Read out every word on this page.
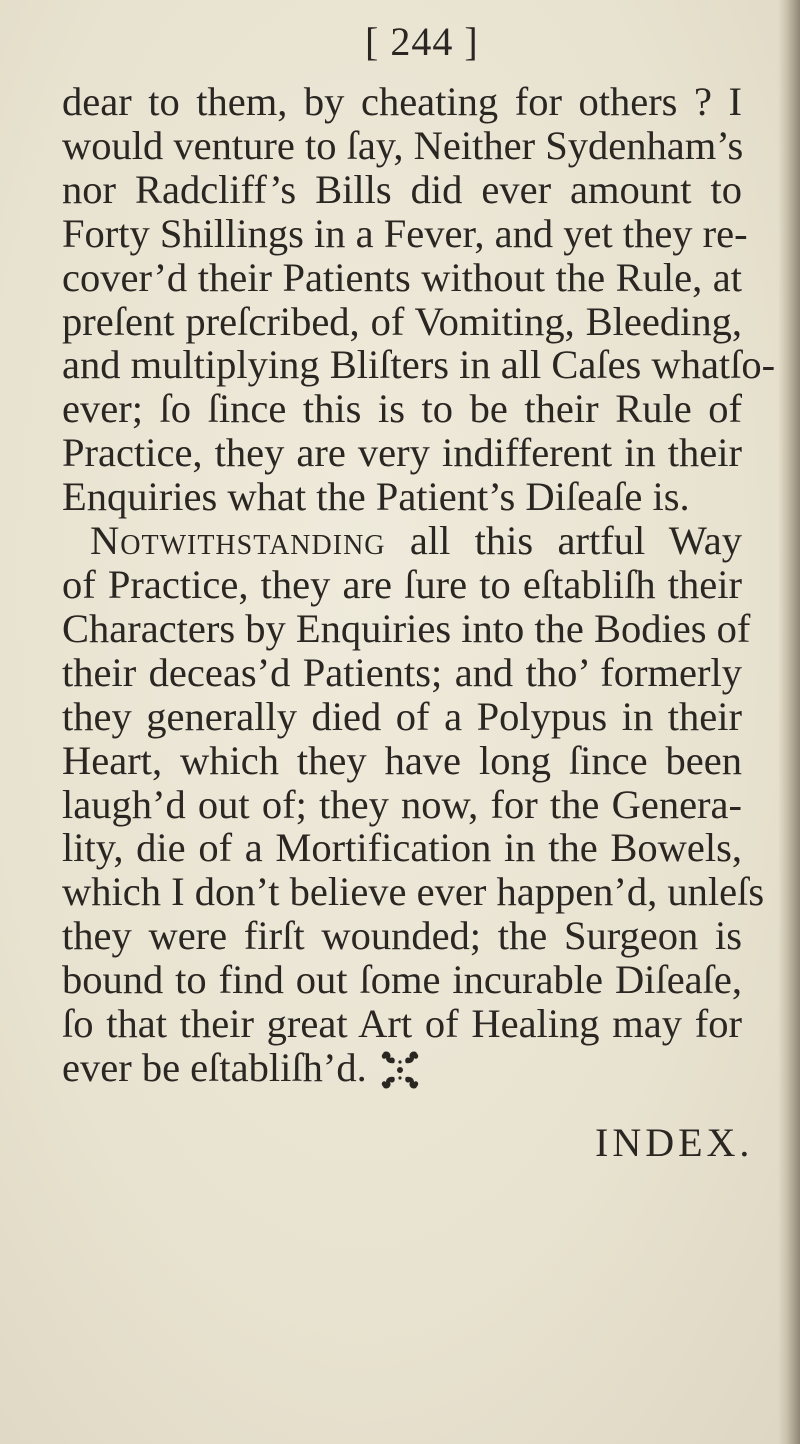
[ 244 ]
dear to them, by cheating for others ? I
would venture to ſay, Neither Sydenham’s
nor Radcliff’s Bills did ever amount to
Forty Shillings in a Fever, and yet they re-
cover’d their Patients without the Rule, at
preſent preſcribed, of Vomiting, Bleeding,
and multiplying Bliſters in all Caſes whatſo-
ever; ſo ſince this is to be their Rule of
Practice, they are very indifferent in their
Enquiries what the Patient’s Diſeaſe is.
Notwithstanding all this artful Way
of Practice, they are ſure to eſtabliſh their
Characters by Enquiries into the Bodies of
their deceas’d Patients; and tho’ formerly
they generally died of a Polypus in their
Heart, which they have long ſince been
laugh’d out of; they now, for the Genera-
lity, die of a Mortification in the Bowels,
which I don’t believe ever happen’d, unleſs
they were firſt wounded; the Surgeon is
bound to find out ſome incurable Diſeaſe,
ſo that their great Art of Healing may for
ever be eſtabliſh’d.
INDEX.
